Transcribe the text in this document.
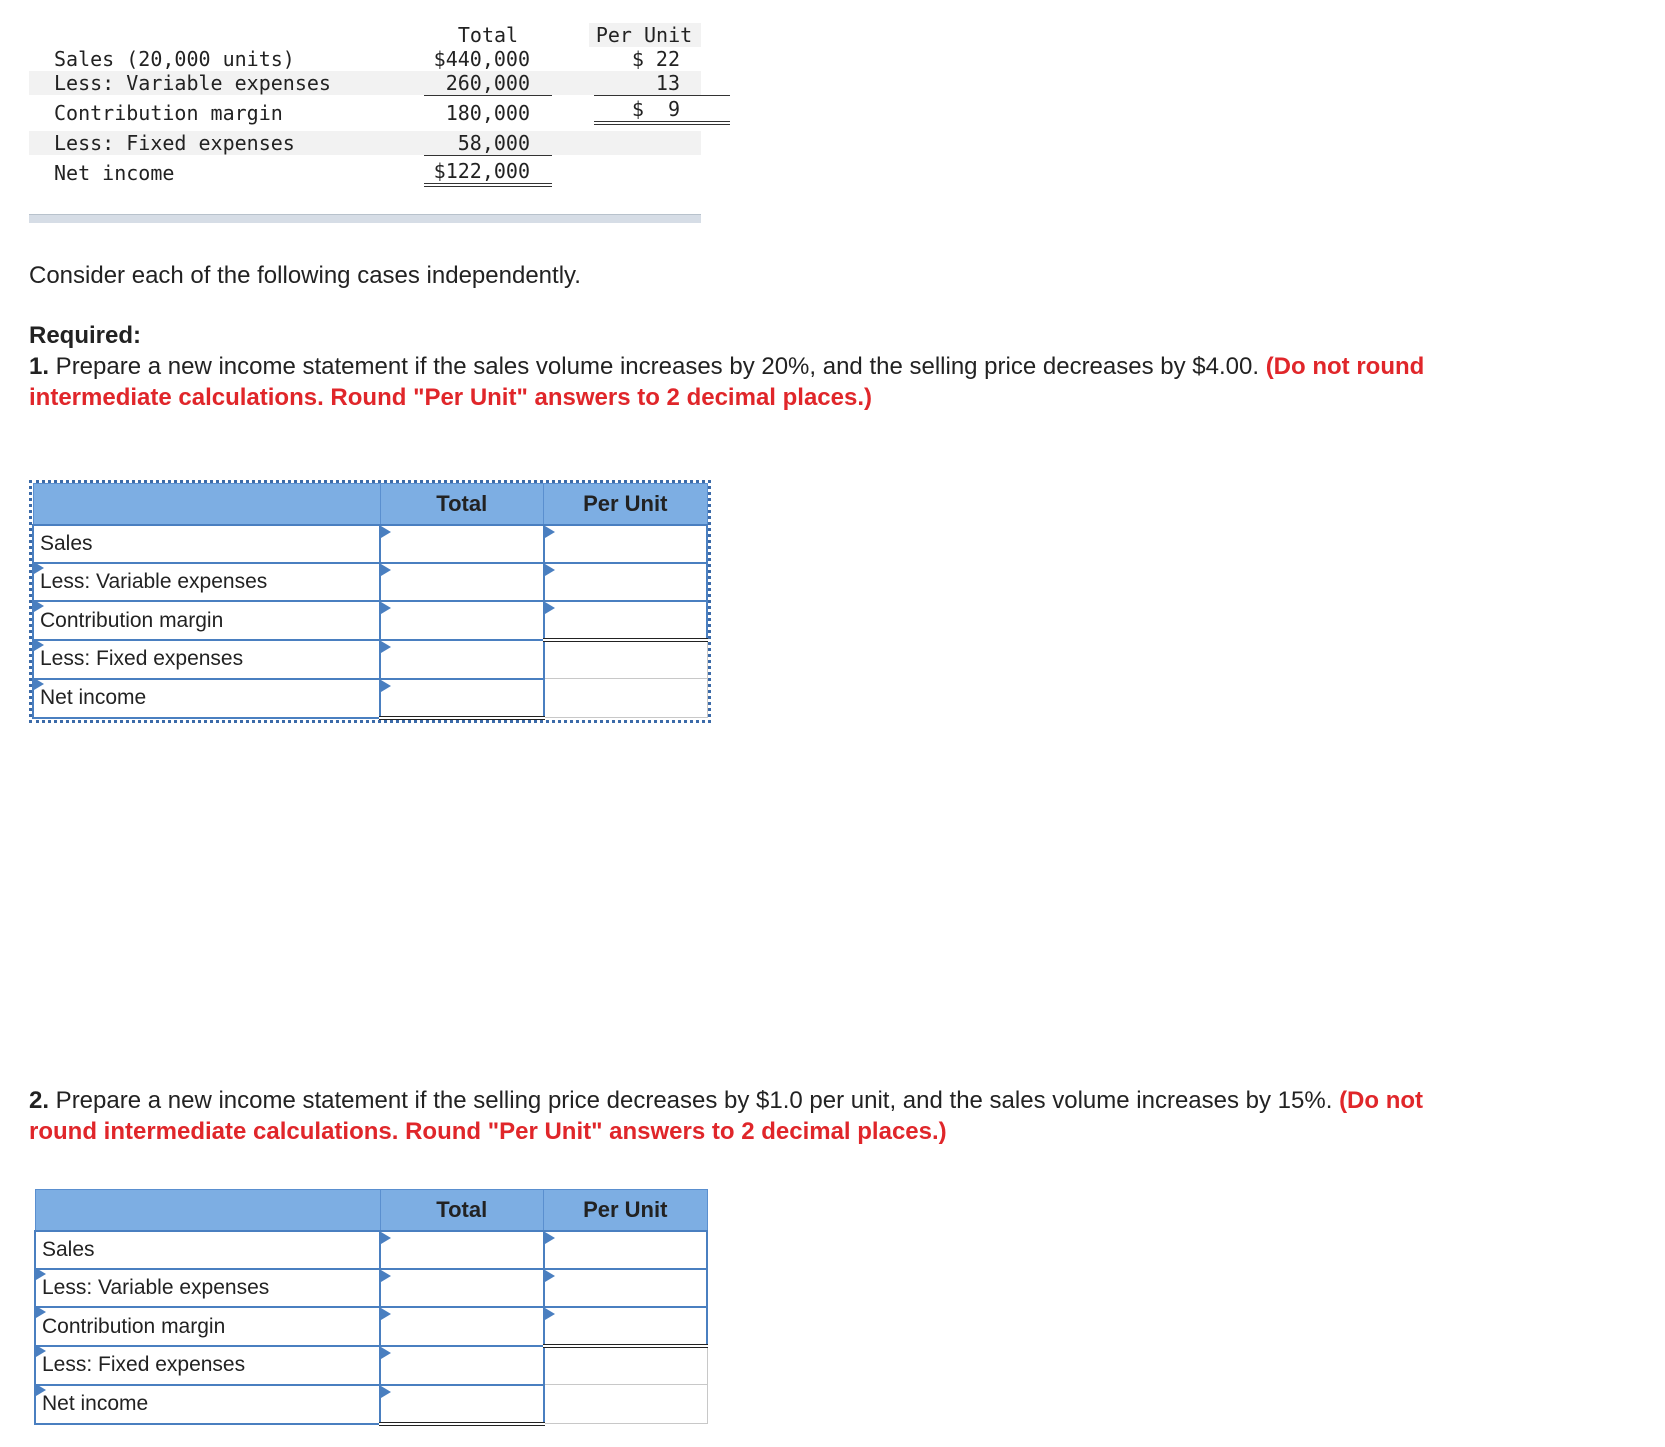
Total	Per Unit
Sales (20,000 units)	$440,000	$ 22
Less: Variable expenses	260,000	13
Contribution margin	180,000	$  9
Less: Fixed expenses	58,000
Net income	$122,000
Consider each of the following cases independently.
Required:
1. Prepare a new income statement if the sales volume increases by 20%, and the selling price decreases by $4.00. (Do not round
intermediate calculations. Round "Per Unit" answers to 2 decimal places.)
	Total	Per Unit
Sales	

Less: Variable expenses	

Contribution margin	

Less: Fixed expenses	

Net income	

2. Prepare a new income statement if the selling price decreases by $1.0 per unit, and the sales volume increases by 15%. (Do not
round intermediate calculations. Round "Per Unit" answers to 2 decimal places.)
	Total	Per Unit
Sales	

Less: Variable expenses	

Contribution margin	

Less: Fixed expenses	

Net income	
